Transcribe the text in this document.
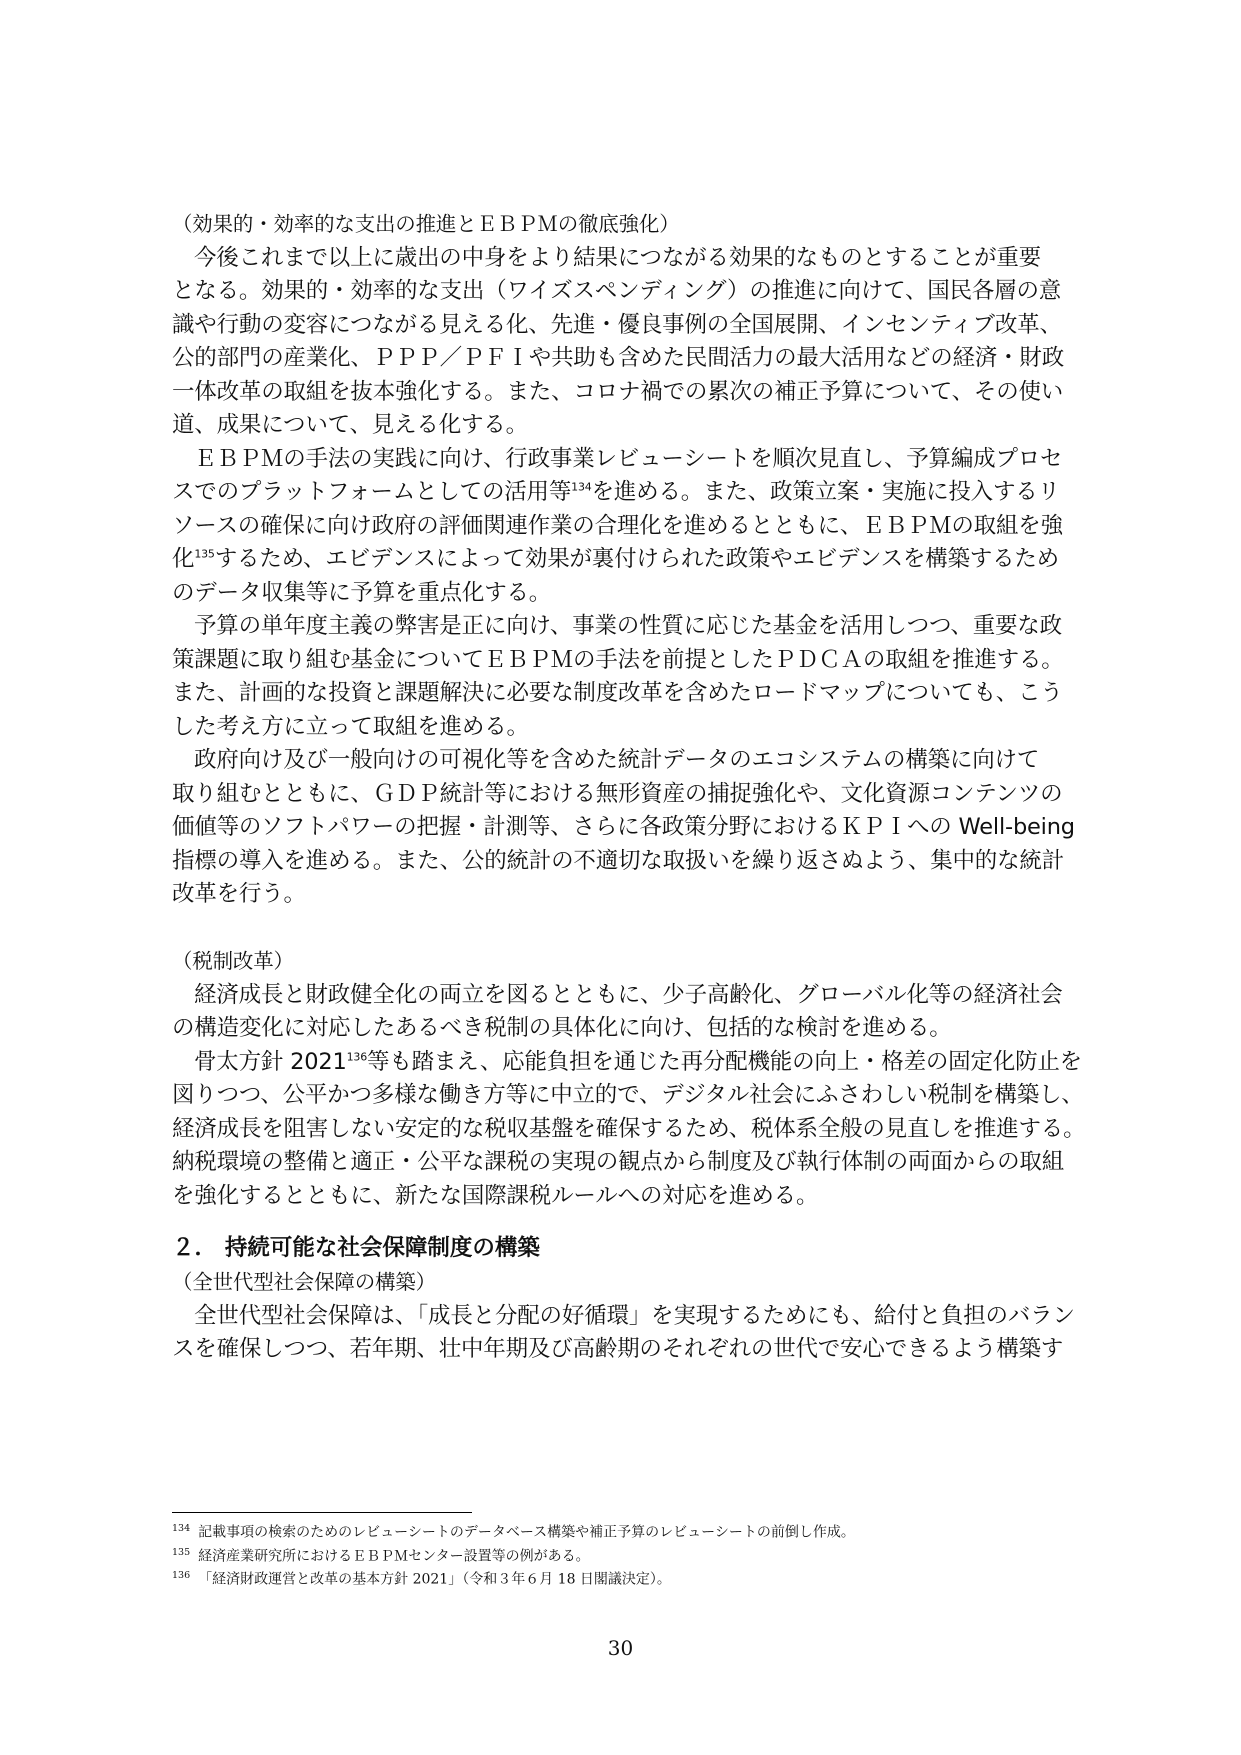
（効果的・効率的な支出の推進とＥＢＰＭの徹底強化）
今後これまで以上に歳出の中身をより結果につながる効果的なものとすることが重要
となる。効果的・効率的な支出（ワイズスペンディング）の推進に向けて、国民各層の意
識や行動の変容につながる見える化、先進・優良事例の全国展開、インセンティブ改革、
公的部門の産業化、ＰＰＰ／ＰＦＩや共助も含めた民間活力の最大活用などの経済・財政
一体改革の取組を抜本強化する。また、コロナ禍での累次の補正予算について、その使い
道、成果について、見える化する。
ＥＢＰＭの手法の実践に向け、行政事業レビューシートを順次見直し、予算編成プロセ
スでのプラットフォームとしての活用等$^{134}$を進める。また、政策立案・実施に投入するリ
ソースの確保に向け政府の評価関連作業の合理化を進めるとともに、ＥＢＰＭの取組を強
化$^{135}$するため、エビデンスによって効果が裏付けられた政策やエビデンスを構築するため
のデータ収集等に予算を重点化する。
予算の単年度主義の弊害是正に向け、事業の性質に応じた基金を活用しつつ、重要な政
策課題に取り組む基金についてＥＢＰＭの手法を前提としたＰＤＣＡの取組を推進する。
また、計画的な投資と課題解決に必要な制度改革を含めたロードマップについても、こう
した考え方に立って取組を進める。
政府向け及び一般向けの可視化等を含めた統計データのエコシステムの構築に向けて
取り組むとともに、ＧＤＰ統計等における無形資産の捕捉強化や、文化資源コンテンツの
価値等のソフトパワーの把握・計測等、さらに各政策分野におけるＫＰＩへの Well-being
指標の導入を進める。また、公的統計の不適切な取扱いを繰り返さぬよう、集中的な統計
改革を行う。
（税制改革）
経済成長と財政健全化の両立を図るとともに、少子高齢化、グローバル化等の経済社会
の構造変化に対応したあるべき税制の具体化に向け、包括的な検討を進める。
骨太方針 2021$^{136}$等も踏まえ、応能負担を通じた再分配機能の向上・格差の固定化防止を
図りつつ、公平かつ多様な働き方等に中立的で、デジタル社会にふさわしい税制を構築し、
経済成長を阻害しない安定的な税収基盤を確保するため、税体系全般の見直しを推進する。
納税環境の整備と適正・公平な課税の実現の観点から制度及び執行体制の両面からの取組
を強化するとともに、新たな国際課税ルールへの対応を進める。
２． 持続可能な社会保障制度の構築
（全世代型社会保障の構築）
全世代型社会保障は、「成長と分配の好循環」を実現するためにも、給付と負担のバラン
スを確保しつつ、若年期、壮中年期及び高齢期のそれぞれの世代で安心できるよう構築す
$^{134}$ 記載事項の検索のためのレビューシートのデータベース構築や補正予算のレビューシートの前倒し作成。
$^{135}$ 経済産業研究所におけるＥＢＰＭセンター設置等の例がある。
$^{136}$ 「経済財政運営と改革の基本方針 2021」（令和３年６月 18 日閣議決定）。
30
